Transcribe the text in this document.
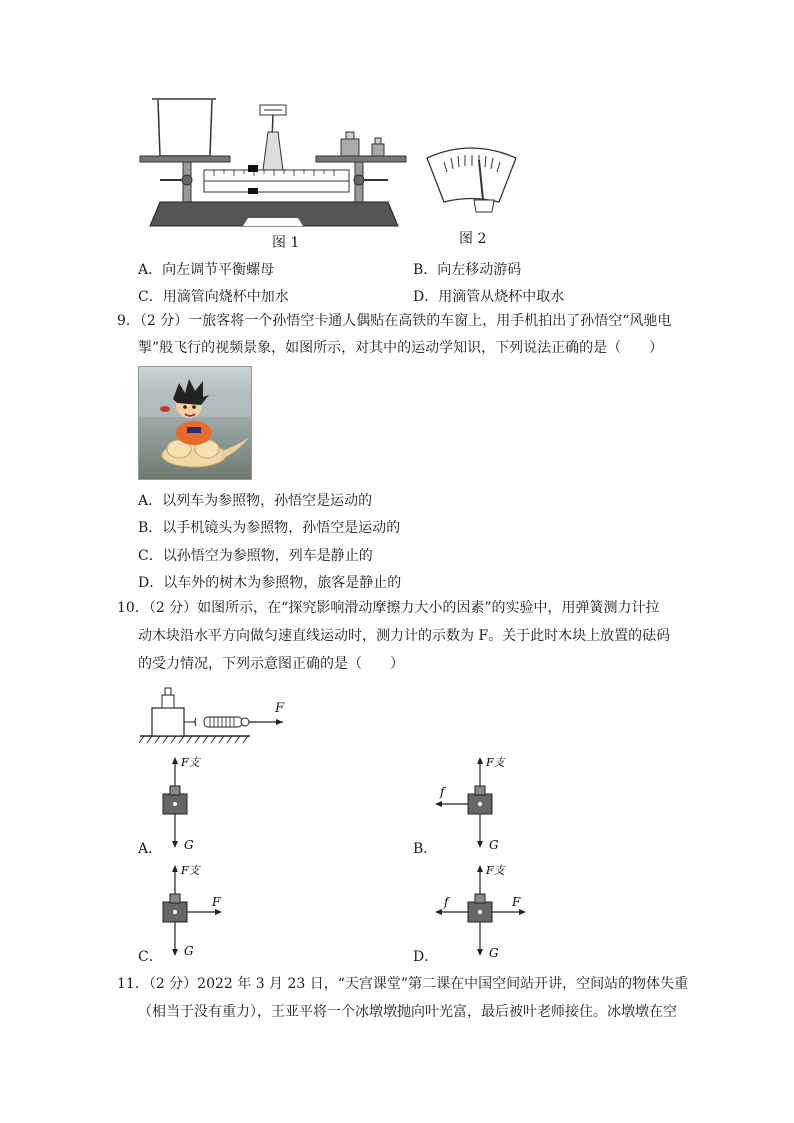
图 1	图 2
A．向左调节平衡螺母	B．向左移动游码
C．用滴管向烧杯中加水	D．用滴管从烧杯中取水
9．（2 分）一旅客将一个孙悟空卡通人偶贴在高铁的车窗上，用手机拍出了孙悟空“风驰电
掣”般飞行的视频景象，如图所示，对其中的运动学知识，下列说法正确的是（　　）
A．以列车为参照物，孙悟空是运动的
B．以手机镜头为参照物，孙悟空是运动的
C．以孙悟空为参照物，列车是静止的
D．以车外的树木为参照物，旅客是静止的
10．（2 分）如图所示，在“探究影响滑动摩擦力大小的因素”的实验中，用弹簧测力计拉
动木块沿水平方向做匀速直线运动时，测力计的示数为 F。关于此时木块上放置的砝码
的受力情况，下列示意图正确的是（　　）
F
F支
G
A．
F支
G
f
B．
F支
G
F
C．
F支
G
f	F
D．
11．（2 分）2022 年 3 月 23 日，“天宫课堂”第二课在中国空间站开讲，空间站的物体失重
（相当于没有重力），王亚平将一个冰墩墩抛向叶光富，最后被叶老师接住。冰墩墩在空
